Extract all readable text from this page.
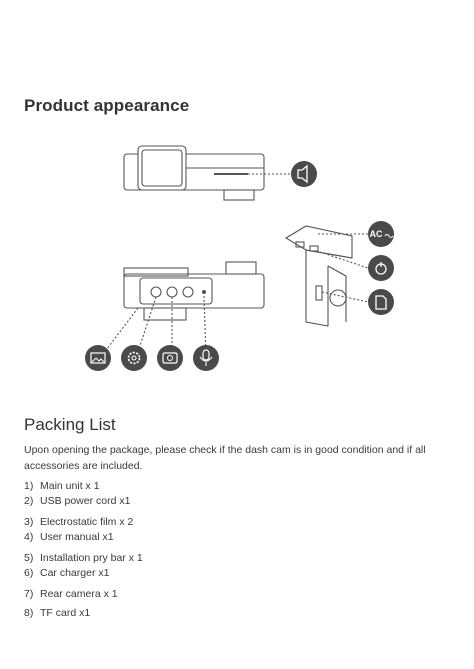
Product appearance
AC
Packing List

Upon opening the package, please check if the dash cam is in good condition and if all accessories are included.

1) Main unit x 1
2) USB power cord x1
3) Electrostatic film x 2
4) User manual x1
5) Installation pry bar x 1
6) Car charger x1
7) Rear camera x 1
8) TF card x1
